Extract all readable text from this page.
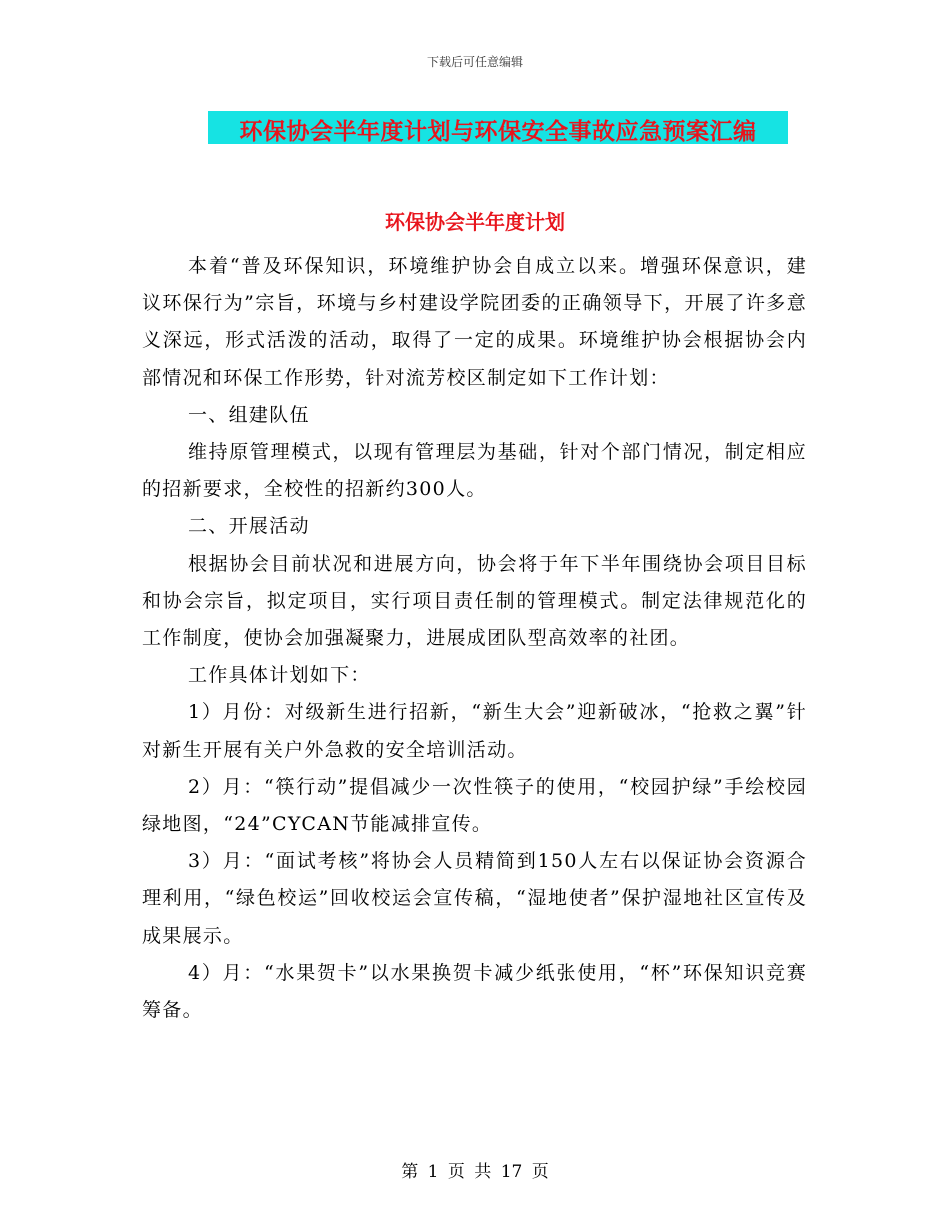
下载后可任意编辑
环保协会半年度计划与环保安全事故应急预案汇编
环保协会半年度计划

本着“普及环保知识，环境维护协会自成立以来。增强环保意识，建议环保行为”宗旨，环境与乡村建设学院团委的正确领导下，开展了许多意义深远，形式活泼的活动，取得了一定的成果。环境维护协会根据协会内部情况和环保工作形势，针对流芳校区制定如下工作计划：

一、组建队伍

维持原管理模式，以现有管理层为基础，针对个部门情况，制定相应的招新要求，全校性的招新约300人。

二、开展活动

根据协会目前状况和进展方向，协会将于年下半年围绕协会项目目标和协会宗旨，拟定项目，实行项目责任制的管理模式。制定法律规范化的工作制度，使协会加强凝聚力，进展成团队型高效率的社团。

工作具体计划如下：

1）月份：对级新生进行招新，“新生大会”迎新破冰，“抢救之翼”针对新生开展有关户外急救的安全培训活动。

2）月：“筷行动”提倡减少一次性筷子的使用，“校园护绿”手绘校园绿地图，“24”CYCAN节能减排宣传。

3）月：“面试考核”将协会人员精简到150人左右以保证协会资源合理利用，“绿色校运”回收校运会宣传稿，“湿地使者”保护湿地社区宣传及成果展示。

4）月：“水果贺卡”以水果换贺卡减少纸张使用，“杯”环保知识竞赛筹备。

第 1 页 共 17 页
